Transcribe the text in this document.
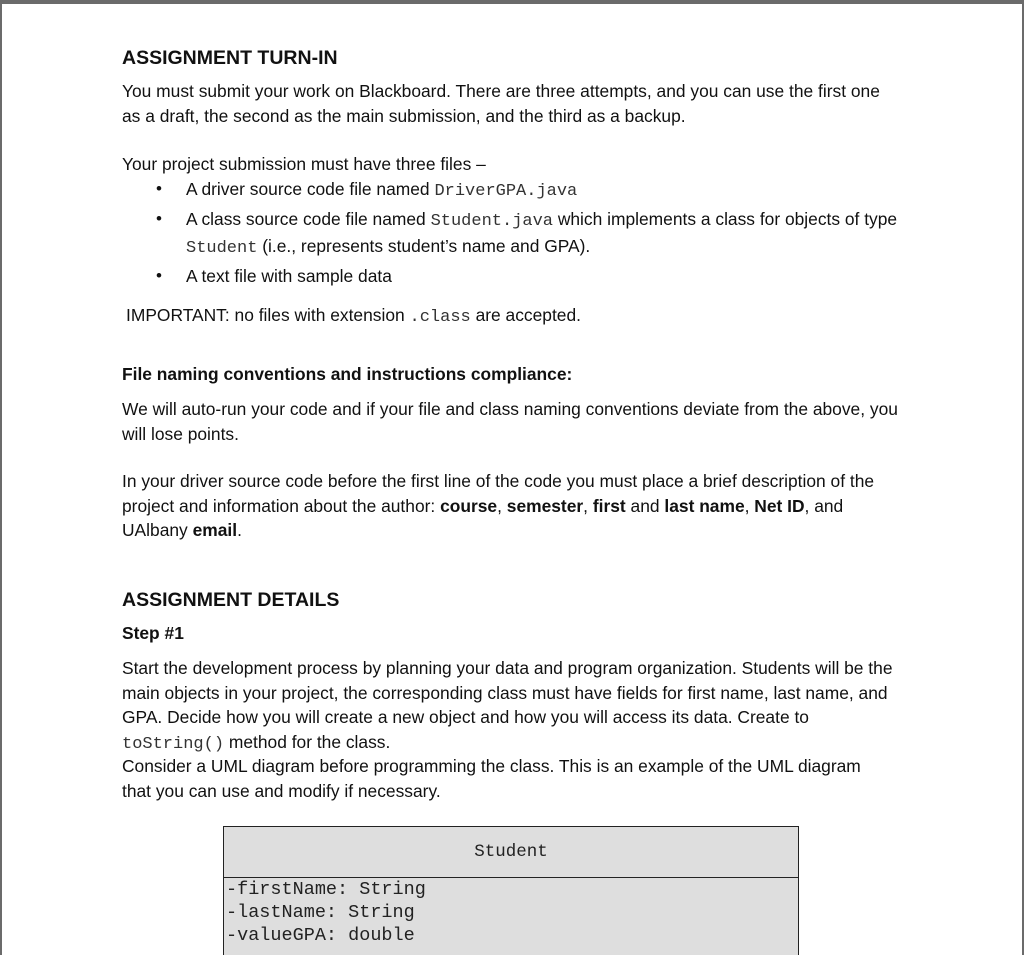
ASSIGNMENT TURN-IN

You must submit your work on Blackboard. There are three attempts, and you can use the first one as a draft, the second as the main submission, and the third as a backup.

Your project submission must have three files –

• A driver source code file named DriverGPA.java
• A class source code file named Student.java which implements a class for objects of type Student (i.e., represents student’s name and GPA).
• A text file with sample data

IMPORTANT: no files with extension .class are accepted.

File naming conventions and instructions compliance:

We will auto-run your code and if your file and class naming conventions deviate from the above, you will lose points.

In your driver source code before the first line of the code you must place a brief description of the project and information about the author: course, semester, first and last name, Net ID, and UAlbany email.

ASSIGNMENT DETAILS
Step #1

Start the development process by planning your data and program organization. Students will be the main objects in your project, the corresponding class must have fields for first name, last name, and GPA. Decide how you will create a new object and how you will access its data. Create to toString() method for the class.

Consider a UML diagram before programming the class. This is an example of the UML diagram
that you can use and modify if necessary.

Student
-firstName: String
-lastName: String
-valueGPA: double
